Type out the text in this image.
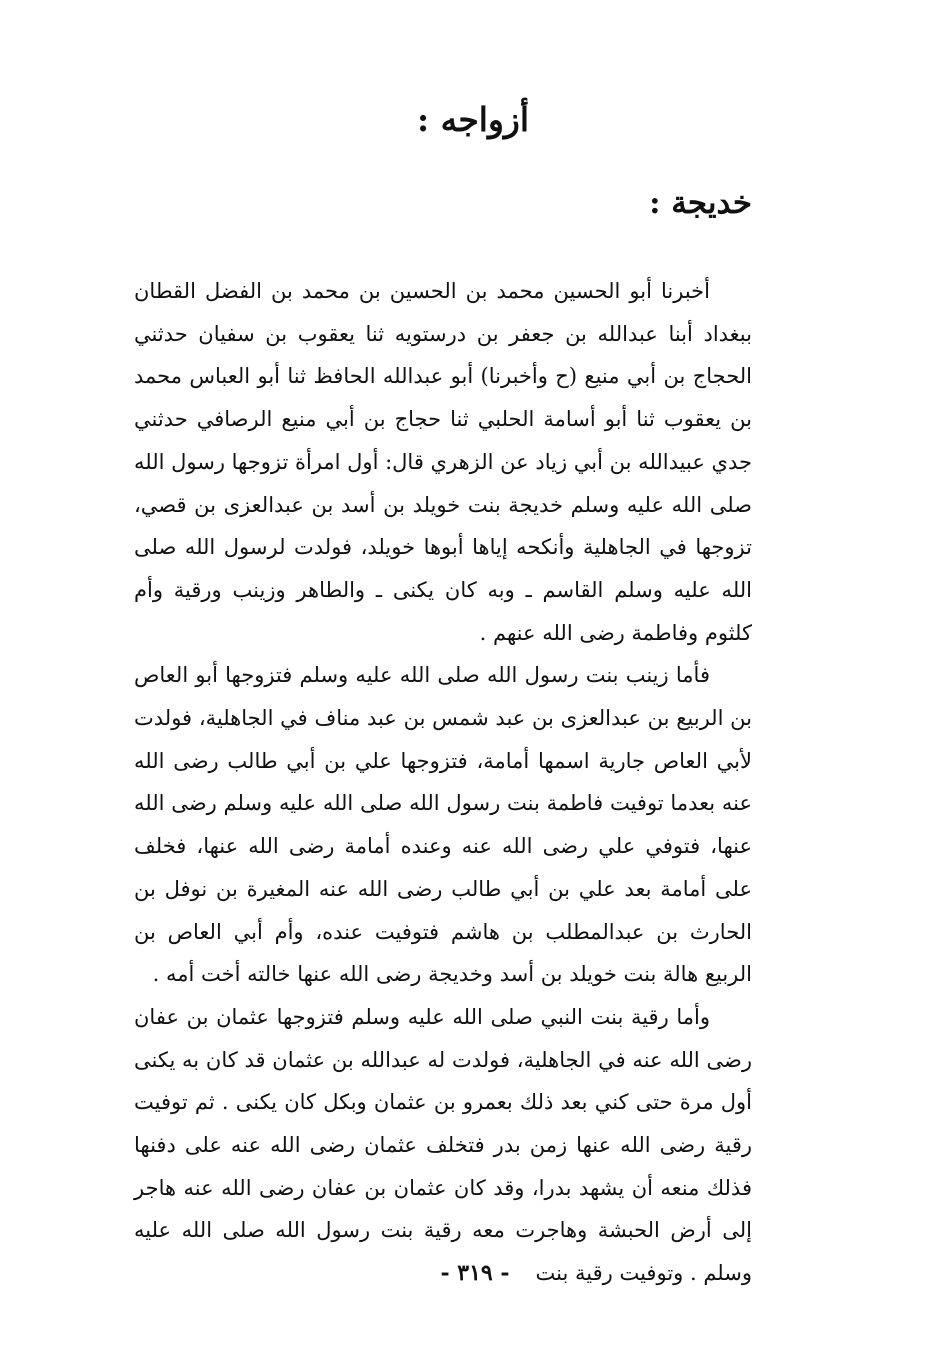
أزواجه :
خديجة :

أخبرنا أبو الحسين محمد بن الحسين بن محمد بن الفضل القطان ببغداد أبنا عبدالله بن جعفر بن درستويه ثنا يعقوب بن سفيان حدثني الحجاج بن أبي منيع (ح وأخبرنا) أبو عبدالله الحافظ ثنا أبو العباس محمد بن يعقوب ثنا أبو أسامة الحلبي ثنا حجاج بن أبي منيع الرصافي حدثني جدي عبيدالله بن أبي زياد عن الزهري قال: أول امرأة تزوجها رسول الله صلى الله عليه وسلم خديجة بنت خويلد بن أسد بن عبدالعزى بن قصي، تزوجها في الجاهلية وأنكحه إياها أبوها خويلد، فولدت لرسول الله صلى الله عليه وسلم القاسم ـ وبه كان يكنى ـ والطاهر وزينب ورقية وأم كلثوم وفاطمة رضى الله عنهم .

فأما زينب بنت رسول الله صلى الله عليه وسلم فتزوجها أبو العاص بن الربيع بن عبدالعزى بن عبد شمس بن عبد مناف في الجاهلية، فولدت لأبي العاص جارية اسمها أمامة، فتزوجها علي بن أبي طالب رضى الله عنه بعدما توفيت فاطمة بنت رسول الله صلى الله عليه وسلم رضى الله عنها، فتوفي علي رضى الله عنه وعنده أمامة رضى الله عنها، فخلف على أمامة بعد علي بن أبي طالب رضى الله عنه المغيرة بن نوفل بن الحارث بن عبدالمطلب بن هاشم فتوفيت عنده، وأم أبي العاص بن الربيع هالة بنت خويلد بن أسد وخديجة رضى الله عنها خالته أخت أمه .

وأما رقية بنت النبي صلى الله عليه وسلم فتزوجها عثمان بن عفان رضى الله عنه في الجاهلية، فولدت له عبدالله بن عثمان قد كان به يكنى أول مرة حتى كني بعد ذلك بعمرو بن عثمان وبكل كان يكنى . ثم توفيت رقية رضى الله عنها زمن بدر فتخلف عثمان رضى الله عنه على دفنها فذلك منعه أن يشهد بدرا، وقد كان عثمان بن عفان رضى الله عنه هاجر إلى أرض الحبشة وهاجرت معه رقية بنت رسول الله صلى الله عليه وسلم . وتوفيت رقية بنت

- ٣١٩ -
